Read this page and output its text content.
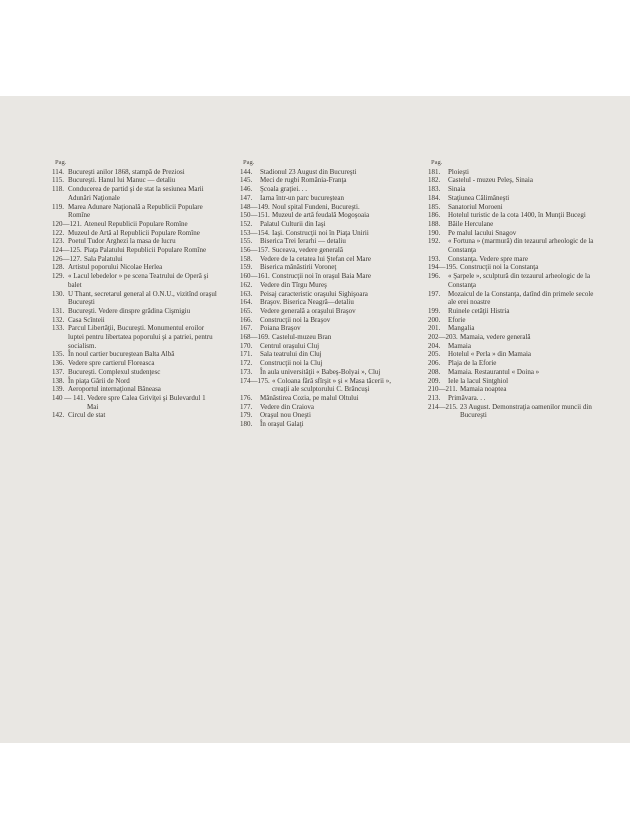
Pag.
114. Bucureşti anilor 1868, stampă de Preziosi
115. Bucureşti. Hanul lui Manuc — detaliu
118. Conducerea de partid şi de stat la sesiunea Marii Adunări Naţionale
119. Marea Adunare Naţională a Republicii Populare Romîne
120—121. Ateneul Republicii Populare Romîne
122. Muzeul de Artă al Republicii Populare Romîne
123. Poetul Tudor Arghezi la masa de lucru
124—125. Piaţa Palatului Republicii Populare Romîne
126—127. Sala Palatului
128. Artistul poporului Nicolae Herlea
129. « Lacul lebedelor » pe scena Teatrului de Operă şi balet
130. U Thant, secretarul general al O.N.U., vizitînd oraşul Bucureşti
131. Bucureşti. Vedere dinspre grădina Cişmigiu
132. Casa Scînteii
133. Parcul Libertăţii, Bucureşti. Monumentul eroilor luptei pentru libertatea poporului şi a patriei, pentru socialism.
135. În noul cartier bucureştean Balta Albă
136. Vedere spre cartierul Floreasca
137. Bucureşti. Complexul studenţesc
138. În piaţa Gării de Nord
139. Aeroportul internaţional Băneasa
140 — 141. Vedere spre Calea Griviţei şi Bulevardul 1 Mai
142. Circul de stat
Pag.
144. Stadionul 23 August din Bucureşti
145. Meci de rugbi România-Franţa
146. Şcoala graţiei. . .
147. Iarna într-un parc bucureştean
148—149. Noul spital Fundeni, Bucureşti.
150—151. Muzeul de artă feudală Mogoşoaia
152. Palatul Culturii din Iaşi
153—154. Iaşi. Construcţii noi în Piaţa Unirii
155. Biserica Trei Ierarhi — detaliu
156—157. Suceava, vedere generală
158. Vedere de la cetatea lui Ştefan cel Mare
159. Biserica mănăstirii Voroneţ
160—161. Construcţii noi în oraşul Baia Mare
162. Vedere din Tîrgu Mureş
163. Peisaj caracteristic oraşului Sighişoara
164. Braşov. Biserica Neagră—detaliu
165. Vedere generală a oraşului Braşov
166. Construcţii noi la Braşov
167. Poiana Braşov
168—169. Castelul-muzeu Bran
170. Centrul oraşului Cluj
171. Sala teatrului din Cluj
172. Construcţii noi la Cluj
173. În aula universităţii « Babeş-Bolyai », Cluj
174—175. « Coloana fără sfîrşit » şi « Masa tăcerii », creaţii ale sculptorului C. Brâncuşi
176. Mănăstirea Cozia, pe malul Oltului
177. Vedere din Craiova
179. Oraşul nou Oneşti
180. În oraşul Galaţi
Pag.
181. Ploieşti
182. Castelul - muzeu Peleş, Sinaia
183. Sinaia
184. Staţiunea Călimăneşti
185. Sanatoriul Moroeni
186. Hotelul turistic de la cota 1400, în Munţii Bucegi
188. Băile Herculane
190. Pe malul lacului Snagov
192. « Fortuna » (marmură) din tezaurul arheologic de la Constanţa
193. Constanţa. Vedere spre mare
194—195. Construcţii noi la Constanţa
196. « Şarpele », sculptură din tezaurul arheologic de la Constanţa
197. Mozaicul de la Constanţa, datînd din primele secole ale erei noastre
199. Ruinele cetăţii Histria
200. Eforie
201. Mangalia
202—203. Mamaia, vedere generală
204. Mamaia
205. Hotelul « Perla » din Mamaia
206. Plaja de la Eforie
208. Mamaia. Restaurantul « Doina »
209. Iele la lacul Sinţghiol
210—211. Mamaia noaptea
213. Primăvara. . .
214—215. 23 August. Demonstraţia oamenilor muncii din Bucureşti
